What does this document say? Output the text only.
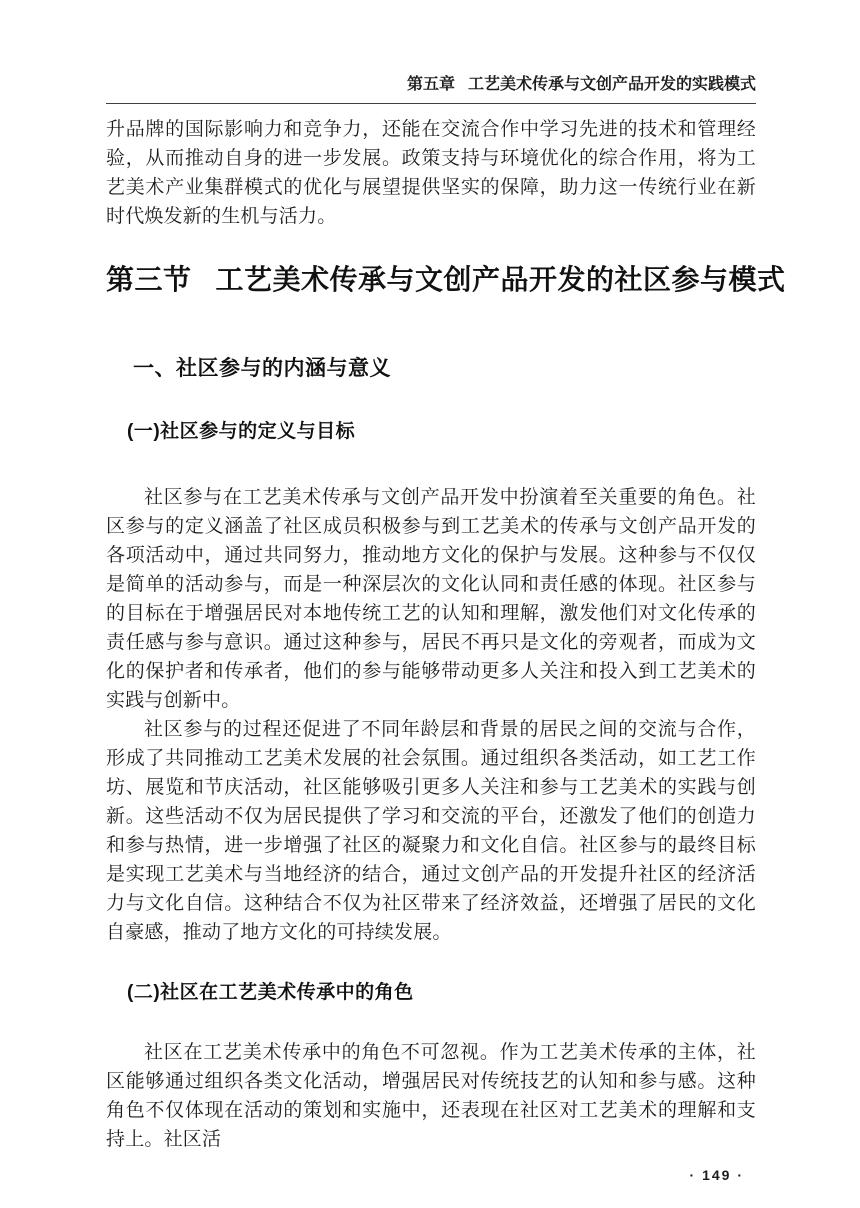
第五章 工艺美术传承与文创产品开发的实践模式

升品牌的国际影响力和竞争力，还能在交流合作中学习先进的技术和管理经验，从而推动自身的进一步发展。政策支持与环境优化的综合作用，将为工艺美术产业集群模式的优化与展望提供坚实的保障，助力这一传统行业在新时代焕发新的生机与活力。

第三节 工艺美术传承与文创产品开发的社区参与模式
一、社区参与的内涵与意义
(一)社区参与的定义与目标

社区参与在工艺美术传承与文创产品开发中扮演着至关重要的角色。社区参与的定义涵盖了社区成员积极参与到工艺美术的传承与文创产品开发的各项活动中，通过共同努力，推动地方文化的保护与发展。这种参与不仅仅是简单的活动参与，而是一种深层次的文化认同和责任感的体现。社区参与的目标在于增强居民对本地传统工艺的认知和理解，激发他们对文化传承的责任感与参与意识。通过这种参与，居民不再只是文化的旁观者，而成为文化的保护者和传承者，他们的参与能够带动更多人关注和投入到工艺美术的实践与创新中。

社区参与的过程还促进了不同年龄层和背景的居民之间的交流与合作，形成了共同推动工艺美术发展的社会氛围。通过组织各类活动，如工艺工作坊、展览和节庆活动，社区能够吸引更多人关注和参与工艺美术的实践与创新。这些活动不仅为居民提供了学习和交流的平台，还激发了他们的创造力和参与热情，进一步增强了社区的凝聚力和文化自信。社区参与的最终目标是实现工艺美术与当地经济的结合，通过文创产品的开发提升社区的经济活力与文化自信。这种结合不仅为社区带来了经济效益，还增强了居民的文化自豪感，推动了地方文化的可持续发展。

(二)社区在工艺美术传承中的角色

社区在工艺美术传承中的角色不可忽视。作为工艺美术传承的主体，社区能够通过组织各类文化活动，增强居民对传统技艺的认知和参与感。这种角色不仅体现在活动的策划和实施中，还表现在社区对工艺美术的理解和支持上。社区活

· 149 ·
